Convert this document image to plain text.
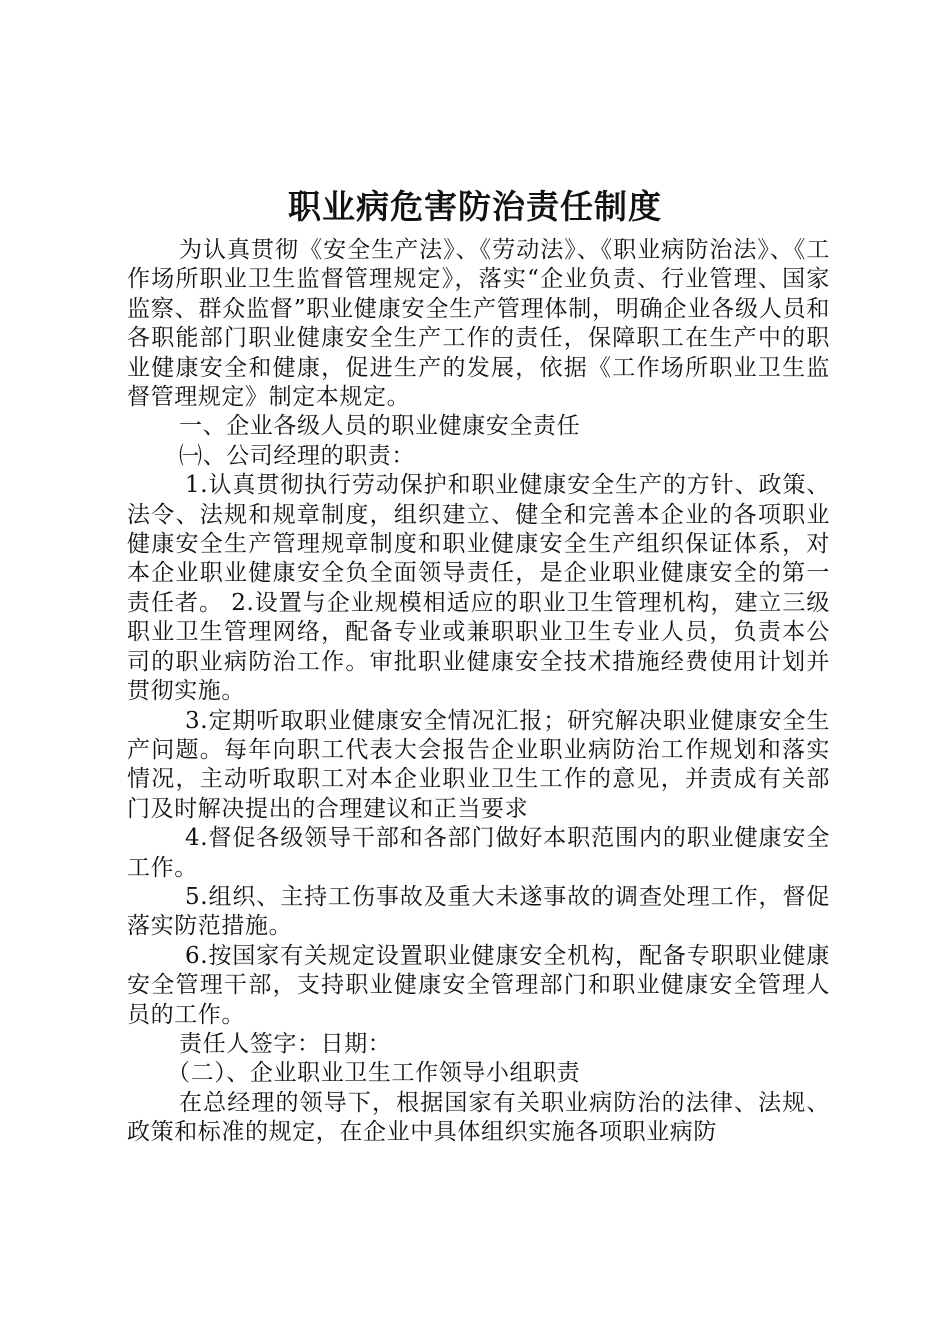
职业病危害防治责任制度

为认真贯彻《安全生产法》、《劳动法》、《职业病防治法》、《工作场所职业卫生监督管理规定》，落实“企业负责、行业管理、国家监察、群众监督”职业健康安全生产管理体制，明确企业各级人员和各职能部门职业健康安全生产工作的责任，保障职工在生产中的职业健康安全和健康，促进生产的发展，依据《工作场所职业卫生监督管理规定》制定本规定。

一、企业各级人员的职业健康安全责任

㈠、公司经理的职责：

1.认真贯彻执行劳动保护和职业健康安全生产的方针、政策、法令、法规和规章制度，组织建立、健全和完善本企业的各项职业健康安全生产管理规章制度和职业健康安全生产组织保证体系，对本企业职业健康安全负全面领导责任，是企业职业健康安全的第一责任者。 2.设置与企业规模相适应的职业卫生管理机构，建立三级职业卫生管理网络，配备专业或兼职职业卫生专业人员，负责本公司的职业病防治工作。审批职业健康安全技术措施经费使用计划并贯彻实施。

3.定期听取职业健康安全情况汇报；研究解决职业健康安全生产问题。每年向职工代表大会报告企业职业病防治工作规划和落实情况，主动听取职工对本企业职业卫生工作的意见，并责成有关部门及时解决提出的合理建议和正当要求

4.督促各级领导干部和各部门做好本职范围内的职业健康安全工作。

5.组织、主持工伤事故及重大未遂事故的调查处理工作，督促落实防范措施。

6.按国家有关规定设置职业健康安全机构，配备专职职业健康安全管理干部，支持职业健康安全管理部门和职业健康安全管理人员的工作。

责任人签字：日期：

（二）、企业职业卫生工作领导小组职责

在总经理的领导下，根据国家有关职业病防治的法律、法规、政策和标准的规定，在企业中具体组织实施各项职业病防
